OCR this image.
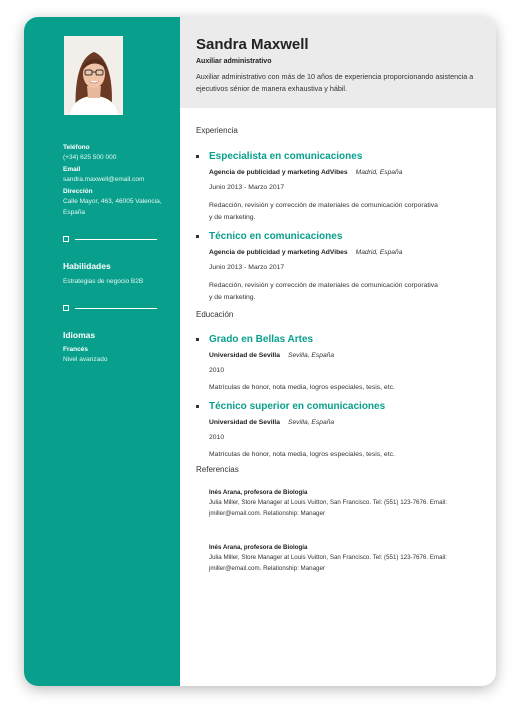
Teléfono
(+34) 625 500 000
Email
sandra.maxwell@email.com
Dirección
Calle Mayor, 463, 46005 Valencia, España
Habilidades
Estrategias de negocio B2B
Idiomas
Francés
Nivel avanzado
Sandra Maxwell
Auxiliar administrativo
Auxiliar administrativo con más de 10 años de experiencia proporcionando asistencia a ejecutivos sénior de manera exhaustiva y hábil.
Experiencia
Especialista en comunicaciones
Agencia de publicidad y marketing AdVibes Madrid, España
Junio 2013 - Marzo 2017
Redacción, revisión y corrección de materiales de comunicación corporativa y de marketing.
Técnico en comunicaciones
Agencia de publicidad y marketing AdVibes Madrid, España
Junio 2013 - Marzo 2017
Redacción, revisión y corrección de materiales de comunicación corporativa y de marketing.
Educación
Grado en Bellas Artes
Universidad de Sevilla Sevilla, España
2010
Matrículas de honor, nota media, logros especiales, tesis, etc.
Técnico superior en comunicaciones
Universidad de Sevilla Sevilla, España
2010
Matrículas de honor, nota media, logros especiales, tesis, etc.
Referencias
Inés Arana, profesora de Biología
Julia Miller, Store Manager at Louis Vuitton, San Francisco. Tel: (551) 123-7676. Email: jmiller@email.com. Relationship: Manager
Inés Arana, profesora de Biología
Julia Miller, Store Manager at Louis Vuitton, San Francisco. Tel: (551) 123-7676. Email: jmiller@email.com. Relationship: Manager
